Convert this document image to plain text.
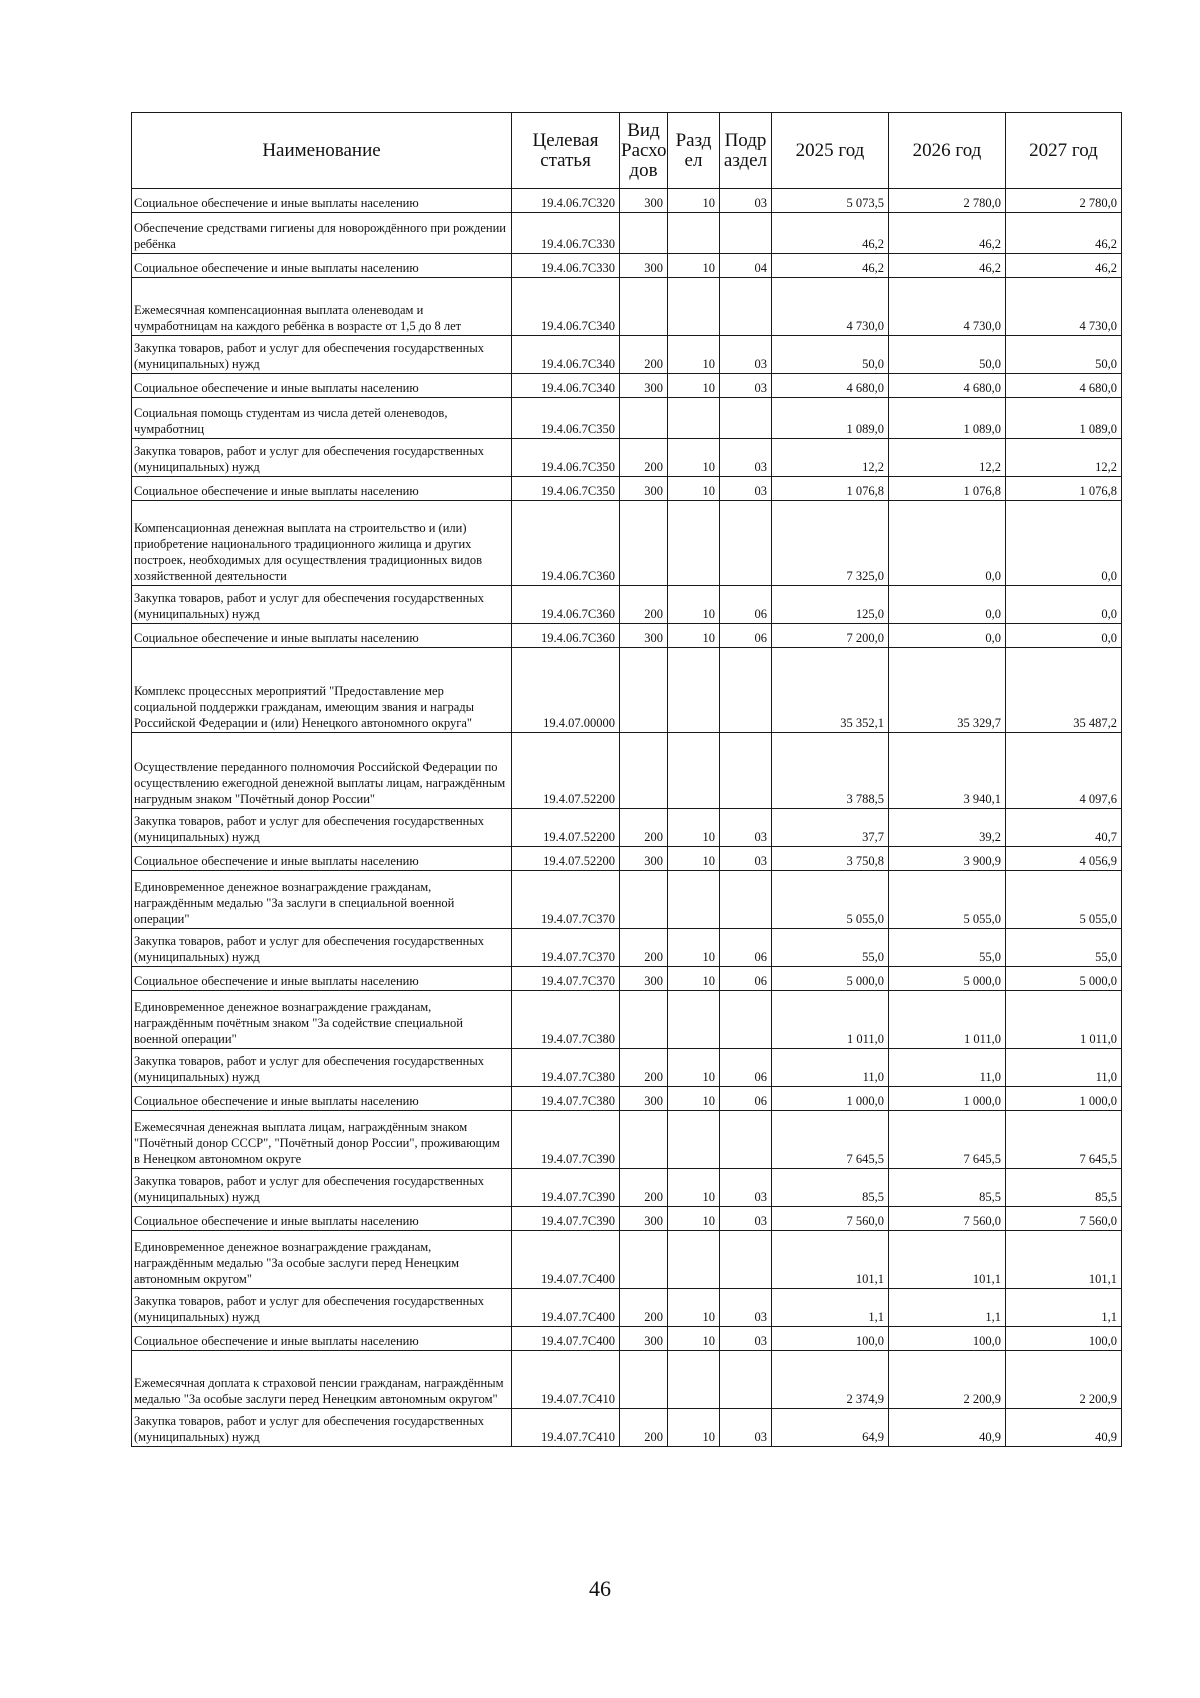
Наименование	Целевая статья	Вид Расхо дов	Разд ел	Подр аздел	2025 год	2026 год	2027 год
Социальное обеспечение и иные выплаты населению	19.4.06.7С320	300	10	03	5 073,5	2 780,0	2 780,0
Обеспечение средствами гигиены для новорождённого при рождении ребёнка	19.4.06.7С330				46,2	46,2	46,2
Социальное обеспечение и иные выплаты населению	19.4.06.7С330	300	10	04	46,2	46,2	46,2
Ежемесячная компенсационная выплата оленеводам и чумработницам на каждого ребёнка в возрасте от 1,5 до 8 лет	19.4.06.7С340				4 730,0	4 730,0	4 730,0
Закупка товаров, работ и услуг для обеспечения государственных (муниципальных) нужд	19.4.06.7С340	200	10	03	50,0	50,0	50,0
Социальное обеспечение и иные выплаты населению	19.4.06.7С340	300	10	03	4 680,0	4 680,0	4 680,0
Социальная помощь студентам из числа детей оленеводов, чумработниц	19.4.06.7С350				1 089,0	1 089,0	1 089,0
Закупка товаров, работ и услуг для обеспечения государственных (муниципальных) нужд	19.4.06.7С350	200	10	03	12,2	12,2	12,2
Социальное обеспечение и иные выплаты населению	19.4.06.7С350	300	10	03	1 076,8	1 076,8	1 076,8
Компенсационная денежная выплата на строительство и (или) приобретение национального традиционного жилища и других построек, необходимых для осуществления традиционных видов хозяйственной деятельности	19.4.06.7С360				7 325,0	0,0	0,0
Закупка товаров, работ и услуг для обеспечения государственных (муниципальных) нужд	19.4.06.7С360	200	10	06	125,0	0,0	0,0
Социальное обеспечение и иные выплаты населению	19.4.06.7С360	300	10	06	7 200,0	0,0	0,0
Комплекс процессных мероприятий "Предоставление мер социальной поддержки гражданам, имеющим звания и награды Российской Федерации и (или) Ненецкого автономного округа"	19.4.07.00000				35 352,1	35 329,7	35 487,2
Осуществление переданного полномочия Российской Федерации по осуществлению ежегодной денежной выплаты лицам, награждённым нагрудным знаком "Почётный донор России"	19.4.07.52200				3 788,5	3 940,1	4 097,6
Закупка товаров, работ и услуг для обеспечения государственных (муниципальных) нужд	19.4.07.52200	200	10	03	37,7	39,2	40,7
Социальное обеспечение и иные выплаты населению	19.4.07.52200	300	10	03	3 750,8	3 900,9	4 056,9
Единовременное денежное вознаграждение гражданам, награждённым медалью "За заслуги в специальной военной операции"	19.4.07.7С370				5 055,0	5 055,0	5 055,0
Закупка товаров, работ и услуг для обеспечения государственных (муниципальных) нужд	19.4.07.7С370	200	10	06	55,0	55,0	55,0
Социальное обеспечение и иные выплаты населению	19.4.07.7С370	300	10	06	5 000,0	5 000,0	5 000,0
Единовременное денежное вознаграждение гражданам, награждённым почётным знаком "За содействие специальной военной операции"	19.4.07.7С380				1 011,0	1 011,0	1 011,0
Закупка товаров, работ и услуг для обеспечения государственных (муниципальных) нужд	19.4.07.7С380	200	10	06	11,0	11,0	11,0
Социальное обеспечение и иные выплаты населению	19.4.07.7С380	300	10	06	1 000,0	1 000,0	1 000,0
Ежемесячная денежная выплата лицам, награждённым знаком "Почётный донор СССР", "Почётный донор России", проживающим в Ненецком автономном округе	19.4.07.7С390				7 645,5	7 645,5	7 645,5
Закупка товаров, работ и услуг для обеспечения государственных (муниципальных) нужд	19.4.07.7С390	200	10	03	85,5	85,5	85,5
Социальное обеспечение и иные выплаты населению	19.4.07.7С390	300	10	03	7 560,0	7 560,0	7 560,0
Единовременное денежное вознаграждение гражданам, награждённым медалью "За особые заслуги перед Ненецким автономным округом"	19.4.07.7С400				101,1	101,1	101,1
Закупка товаров, работ и услуг для обеспечения государственных (муниципальных) нужд	19.4.07.7С400	200	10	03	1,1	1,1	1,1
Социальное обеспечение и иные выплаты населению	19.4.07.7С400	300	10	03	100,0	100,0	100,0
Ежемесячная доплата к страховой пенсии гражданам, награждённым медалью "За особые заслуги перед Ненецким автономным округом"	19.4.07.7С410				2 374,9	2 200,9	2 200,9
Закупка товаров, работ и услуг для обеспечения государственных (муниципальных) нужд	19.4.07.7С410	200	10	03	64,9	40,9	40,9
46
